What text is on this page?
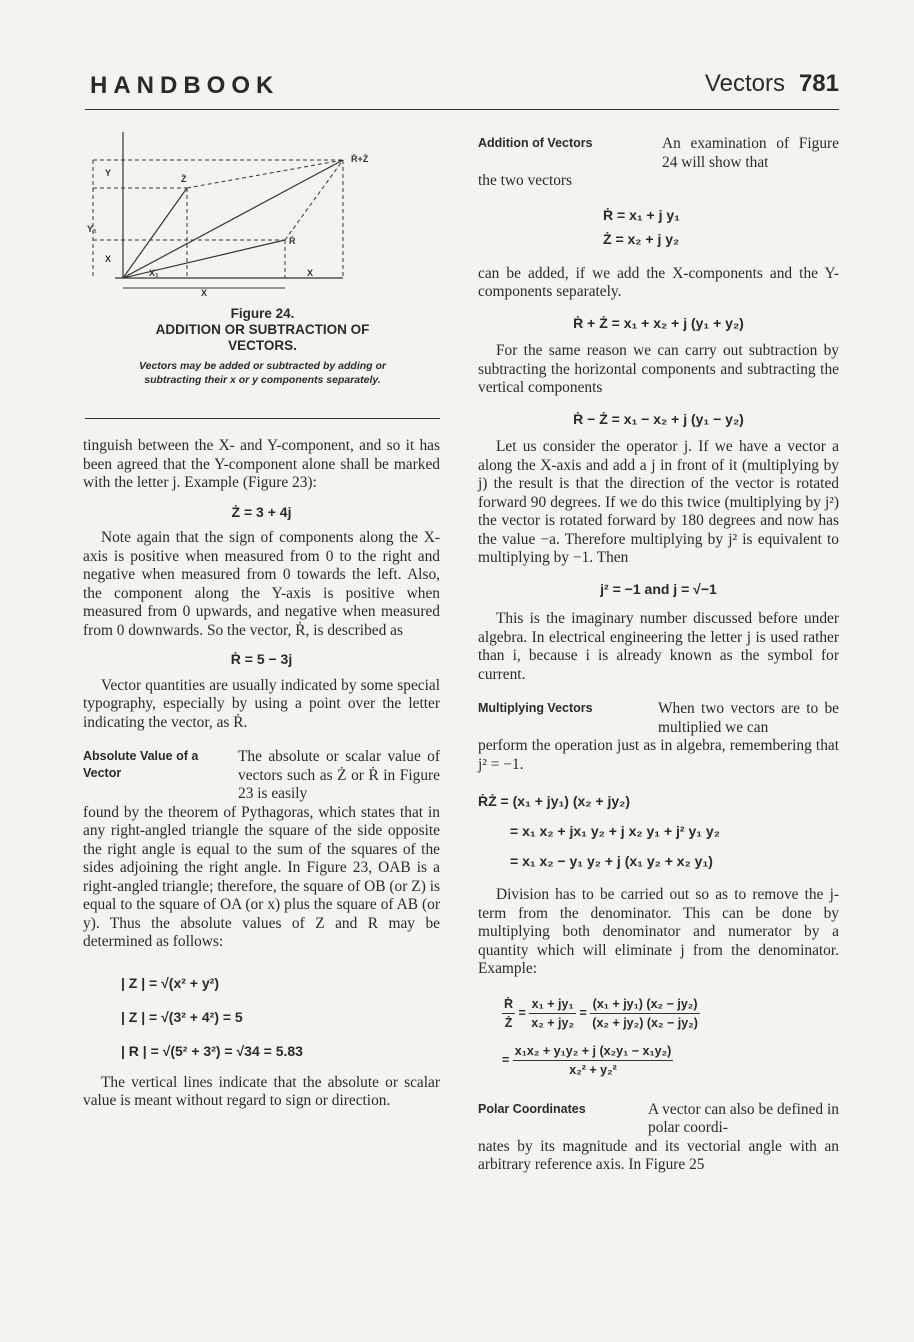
HANDBOOK	Vectors 781
Ṙ+Ż
Ż
Ṙ
Y
Y₁
X
X₁	X
X
Figure 24.
ADDITION OR SUBTRACTION OF VECTORS.
Vectors may be added or subtracted by adding or subtracting their x or y components separately.

tinguish between the X- and Y-component, and so it has been agreed that the Y-component alone shall be marked with the letter j. Example (Figure 23):

Ż = 3 + 4j

Note again that the sign of components along the X-axis is positive when measured from 0 to the right and negative when measured from 0 towards the left. Also, the component along the Y-axis is positive when measured from 0 upwards, and negative when measured from 0 downwards. So the vector, Ṙ, is described as

Ṙ = 5 − 3j

Vector quantities are usually indicated by some special typography, especially by using a point over the letter indicating the vector, as Ṙ.

Absolute Value of a Vector

The absolute or scalar value of vectors such as Ż or Ṙ in Figure 23 is easily

found by the theorem of Pythagoras, which states that in any right-angled triangle the square of the side opposite the right angle is equal to the sum of the squares of the sides adjoining the right angle. In Figure 23, OAB is a right-angled triangle; therefore, the square of OB (or Z) is equal to the square of OA (or x) plus the square of AB (or y). Thus the absolute values of Z and R may be determined as follows:

| Z | = √(x² + y²)
| Z | = √(3² + 4²) = 5
| R | = √(5² + 3²) = √34 = 5.83

The vertical lines indicate that the absolute or scalar value is meant without regard to sign or direction.

Addition of Vectors	An examination of Figure 24 will show that

the two vectors

Ṙ = x₁ + j y₁
Ż = x₂ + j y₂

can be added, if we add the X-components and the Y-components separately.

Ṙ + Ż = x₁ + x₂ + j (y₁ + y₂)

For the same reason we can carry out subtraction by subtracting the horizontal components and subtracting the vertical components

Ṙ − Ż = x₁ − x₂ + j (y₁ − y₂)

Let us consider the operator j. If we have a vector a along the X-axis and add a j in front of it (multiplying by j) the result is that the direction of the vector is rotated forward 90 degrees. If we do this twice (multiplying by j²) the vector is rotated forward by 180 degrees and now has the value −a. Therefore multiplying by j² is equivalent to multiplying by −1. Then

j² = −1 and j = √−1

This is the imaginary number discussed before under algebra. In electrical engineering the letter j is used rather than i, because i is already known as the symbol for current.

Multiplying Vectors	When two vectors are to be multiplied we can

perform the operation just as in algebra, remembering that j² = −1.

ṘŻ = (x₁ + jy₁) (x₂ + jy₂)
= x₁ x₂ + jx₁ y₂ + j x₂ y₁ + j² y₁ y₂
= x₁ x₂ − y₁ y₂ + j (x₁ y₂ + x₂ y₁)

Division has to be carried out so as to remove the j-term from the denominator. This can be done by multiplying both denominator and numerator by a quantity which will eliminate j from the denominator. Example:

$\frac{\text{Ṙ}}{Ż} = \frac{\text{x₁ + jy₁}}{\text{x₂ + jy₂}} = \frac{\text{(x₁ + jy₁) (x₂ − jy₂)}}{\text{(x₂ + jy₂) (x₂ − jy₂)}}$
= $\frac{\text{x₁x₂ + y₁y₂ + j (x₂y₁ − x₁y₂)}}{\text{x₂² + y₂²}}$
Polar Coordinates	A vector can also be defined in polar coordi-

nates by its magnitude and its vectorial angle with an arbitrary reference axis. In Figure 25
